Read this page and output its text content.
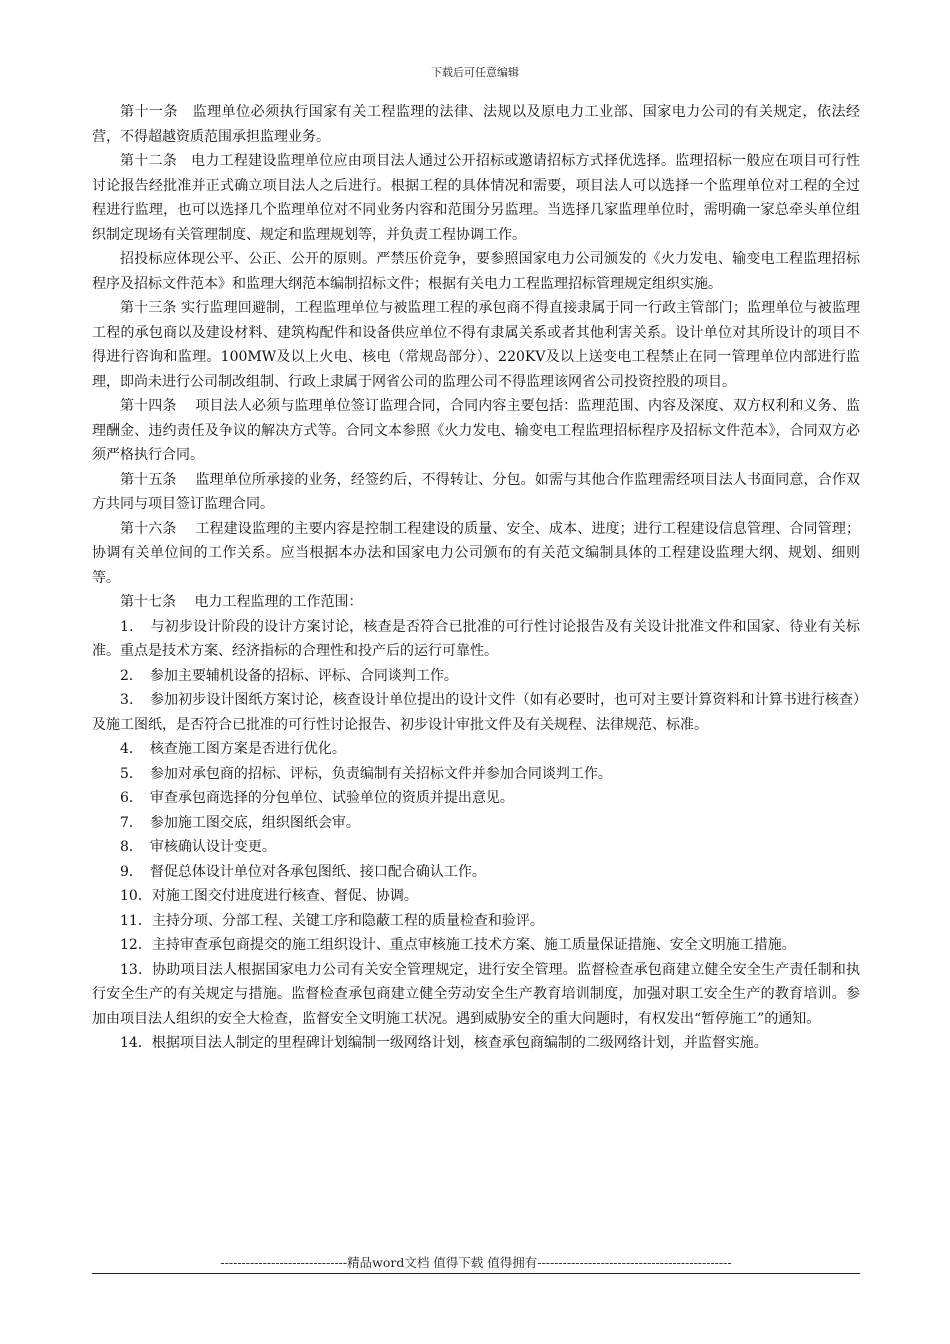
下载后可任意编辑

第十一条　监理单位必须执行国家有关工程监理的法律、法规以及原电力工业部、国家电力公司的有关规定，依法经营，不得超越资质范围承担监理业务。

第十二条　电力工程建设监理单位应由项目法人通过公开招标或邀请招标方式择优选择。监理招标一般应在项目可行性讨论报告经批准并正式确立项目法人之后进行。根据工程的具体情况和需要，项目法人可以选择一个监理单位对工程的全过程进行监理，也可以选择几个监理单位对不同业务内容和范围分另监理。当选择几家监理单位时，需明确一家总牵头单位组织制定现场有关管理制度、规定和监理规划等，并负责工程协调工作。

招投标应体现公平、公正、公开的原则。严禁压价竞争，要参照国家电力公司颁发的《火力发电、输变电工程监理招标程序及招标文件范本》和监理大纲范本编制招标文件；根据有关电力工程监理招标管理规定组织实施。

第十三条 实行监理回避制，工程监理单位与被监理工程的承包商不得直接隶属于同一行政主管部门；监理单位与被监理工程的承包商以及建设材料、建筑构配件和设备供应单位不得有隶属关系或者其他利害关系。设计单位对其所设计的项目不得进行咨询和监理。100MW及以上火电、核电（常规岛部分）、220KV及以上送变电工程禁止在同一管理单位内部进行监理，即尚未进行公司制改组制、行政上隶属于网省公司的监理公司不得监理该网省公司投资控股的项目。

第十四条　 项目法人必须与监理单位签订监理合同，合同内容主要包括：监理范围、内容及深度、双方权利和义务、监理酬金、违约责任及争议的解决方式等。合同文本参照《火力发电、输变电工程监理招标程序及招标文件范本》，合同双方必须严格执行合同。

第十五条　 监理单位所承接的业务，经签约后，不得转让、分包。如需与其他合作监理需经项目法人书面同意，合作双方共同与项目签订监理合同。

第十六条　 工程建设监理的主要内容是控制工程建设的质量、安全、成本、进度；进行工程建设信息管理、合同管理；协调有关单位间的工作关系。应当根据本办法和国家电力公司颁布的有关范文编制具体的工程建设监理大纲、规划、细则等。

第十七条　 电力工程监理的工作范围：

1．　与初步设计阶段的设计方案讨论，核查是否符合已批准的可行性讨论报告及有关设计批准文件和国家、待业有关标准。重点是技术方案、经济指标的合理性和投产后的运行可靠性。

2．　参加主要辅机设备的招标、评标、合同谈判工作。

3．　参加初步设计图纸方案讨论，核查设计单位提出的设计文件（如有必要时，也可对主要计算资料和计算书进行核查）及施工图纸，是否符合已批准的可行性讨论报告、初步设计审批文件及有关规程、法律规范、标准。

4．　核查施工图方案是否进行优化。

5．　参加对承包商的招标、评标，负责编制有关招标文件并参加合同谈判工作。

6．　审查承包商选择的分包单位、试验单位的资质并提出意见。

7．　参加施工图交底，组织图纸会审。

8．　审核确认设计变更。

9．　督促总体设计单位对各承包图纸、接口配合确认工作。

10．对施工图交付进度进行核查、督促、协调。

11．主持分项、分部工程、关键工序和隐蔽工程的质量检查和验评。

12．主持审查承包商提交的施工组织设计、重点审核施工技术方案、施工质量保证措施、安全文明施工措施。

13．协助项目法人根据国家电力公司有关安全管理规定，进行安全管理。监督检查承包商建立健全安全生产责任制和执行安全生产的有关规定与措施。监督检查承包商建立健全劳动安全生产教育培训制度，加强对职工安全生产的教育培训。参加由项目法人组织的安全大检查，监督安全文明施工状况。遇到威胁安全的重大问题时，有权发出“暂停施工”的通知。

14．根据项目法人制定的里程碑计划编制一级网络计划，核查承包商编制的二级网络计划，并监督实施。

------------------------------精品word文档 值得下载 值得拥有----------------------------------------------
